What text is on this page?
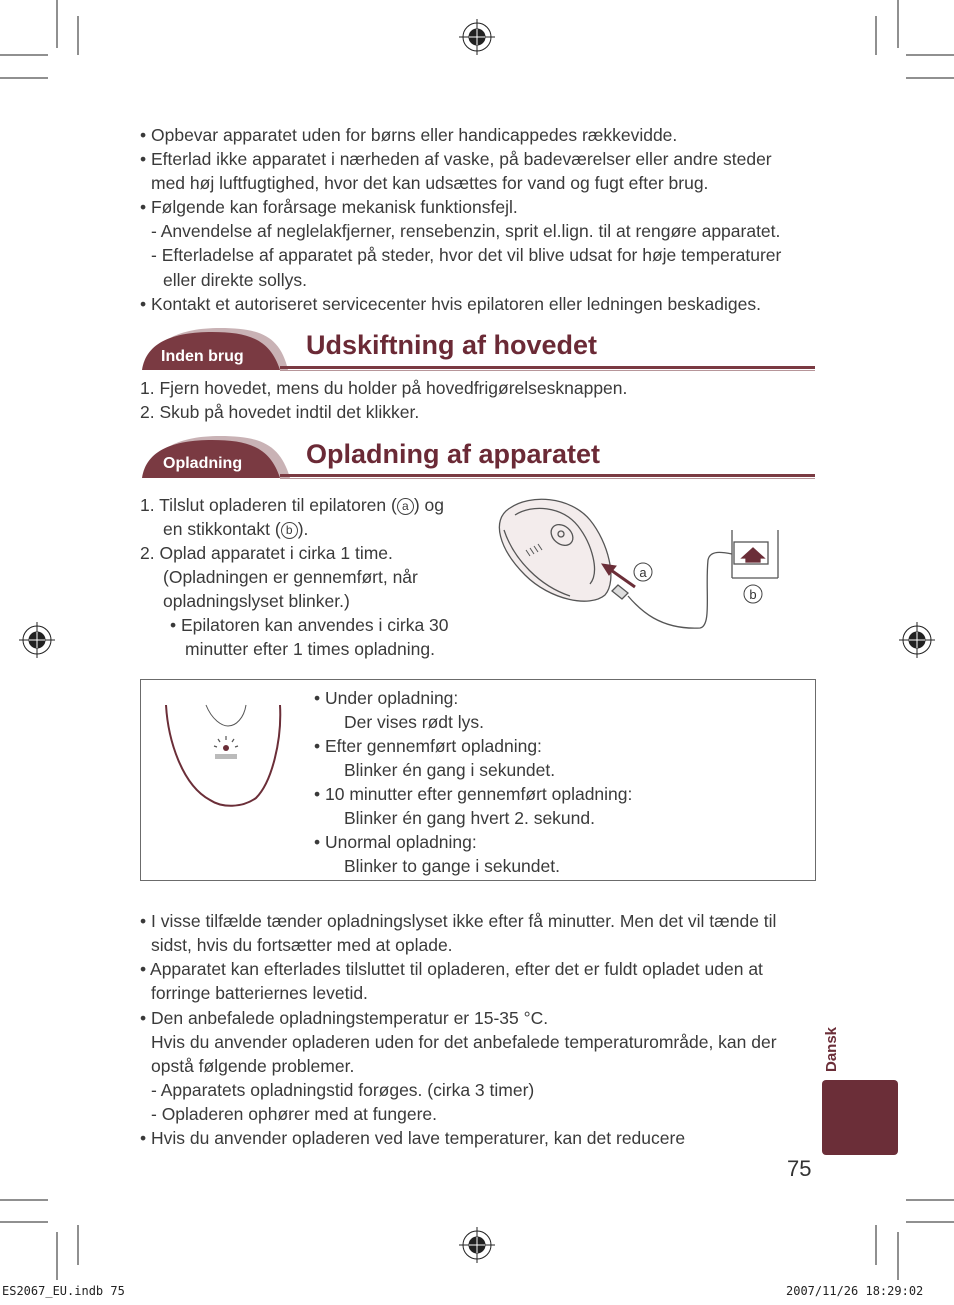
• Opbevar apparatet uden for børns eller handicappedes rækkevidde.
• Efterlad ikke apparatet i nærheden af vaske, på badeværelser eller andre steder
med høj luftfugtighed, hvor det kan udsættes for vand og fugt efter brug.
• Følgende kan forårsage mekanisk funktionsfejl.
- Anvendelse af neglelakfjerner, rensebenzin, sprit el.lign. til at rengøre apparatet.
- Efterladelse af apparatet på steder, hvor det vil blive udsat for høje temperaturer
eller direkte sollys.
• Kontakt et autoriseret servicecenter hvis epilatoren eller ledningen beskadiges.
Inden brug Udskiftning af hovedet
1. Fjern hovedet, mens du holder på hovedfrigørelsesknappen.
2. Skub på hovedet indtil det klikker.
Opladning Opladning af apparatet
1. Tilslut opladeren til epilatoren ( a ) og
en stikkontakt ( b ).
2. Oplad apparatet i cirka 1 time.
(Opladningen er gennemført, når
opladningslyset blinker.)
• Epilatoren kan anvendes i cirka 30
minutter efter 1 times opladning.
a
b
• Under opladning:
Der vises rødt lys.
• Efter gennemført opladning:
Blinker én gang i sekundet.
• 10 minutter efter gennemført opladning:
Blinker én gang hvert 2. sekund.
• Unormal opladning:
Blinker to gange i sekundet.
• I visse tilfælde tænder opladningslyset ikke efter få minutter. Men det vil tænde til
sidst, hvis du fortsætter med at oplade.
• Apparatet kan efterlades tilsluttet til opladeren, efter det er fuldt opladet uden at
forringe batteriernes levetid.
• Den anbefalede opladningstemperatur er 15-35 °C.
Hvis du anvender opladeren uden for det anbefalede temperaturområde, kan der
opstå følgende problemer.
- Apparatets opladningstid forøges. (cirka 3 timer)
- Opladeren ophører med at fungere.
• Hvis du anvender opladeren ved lave temperaturer, kan det reducere
Dansk
75
ES2067_EU.indb 75	2007/11/26 18:29:02
